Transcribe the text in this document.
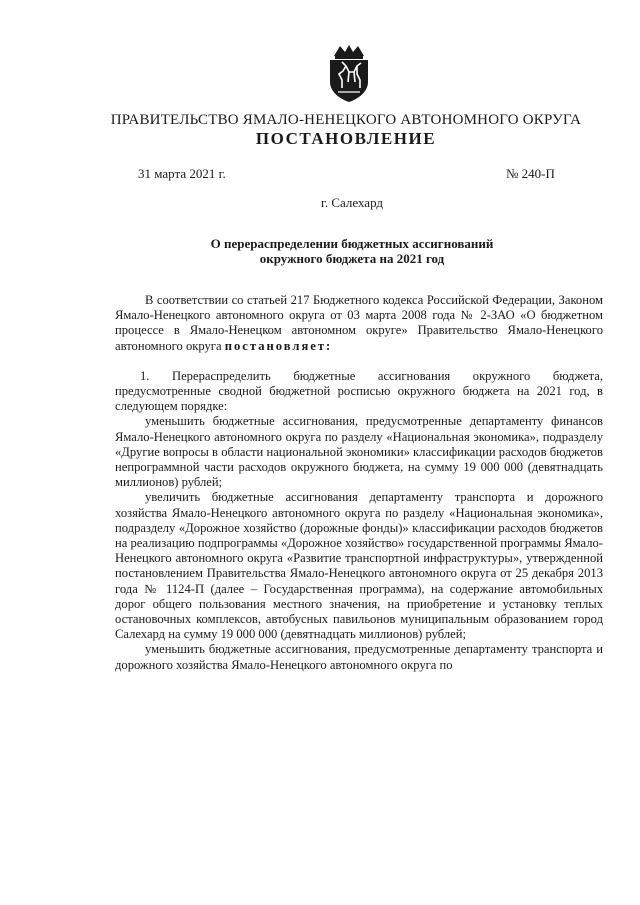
ПРАВИТЕЛЬСТВО ЯМАЛО-НЕНЕЦКОГО АВТОНОМНОГО ОКРУГА
ПОСТАНОВЛЕНИЕ
31 марта 2021 г.	№ 240-П
г. Салехард
О перераспределении бюджетных ассигнований
окружного бюджета на 2021 год

В соответствии со статьей 217 Бюджетного кодекса Российской Федерации, Законом Ямало-Ненецкого автономного округа от 03 марта 2008 года № 2-ЗАО «О бюджетном процессе в Ямало-Ненецком автономном округе» Правительство Ямало-Ненецкого автономного округа постановляет:

1. Перераспределить бюджетные ассигнования окружного бюджета, предусмотренные сводной бюджетной росписью окружного бюджета на 2021 год, в следующем порядке:

уменьшить бюджетные ассигнования, предусмотренные департаменту финансов Ямало-Ненецкого автономного округа по разделу «Национальная экономика», подразделу «Другие вопросы в области национальной экономики» классификации расходов бюджетов непрограммной части расходов окружного бюджета, на сумму 19 000 000 (девятнадцать миллионов) рублей;

увеличить бюджетные ассигнования департаменту транспорта и дорожного хозяйства Ямало-Ненецкого автономного округа по разделу «Национальная экономика», подразделу «Дорожное хозяйство (дорожные фонды)» классификации расходов бюджетов на реализацию подпрограммы «Дорожное хозяйство» государственной программы Ямало-Ненецкого автономного округа «Развитие транспортной инфраструктуры», утвержденной постановлением Правительства Ямало-Ненецкого автономного округа от 25 декабря 2013 года № 1124-П (далее – Государственная программа), на содержание автомобильных дорог общего пользования местного значения, на приобретение и установку теплых остановочных комплексов, автобусных павильонов муниципальным образованием город Салехард на сумму 19 000 000 (девятнадцать миллионов) рублей;

уменьшить бюджетные ассигнования, предусмотренные департаменту транспорта и дорожного хозяйства Ямало-Ненецкого автономного округа по
